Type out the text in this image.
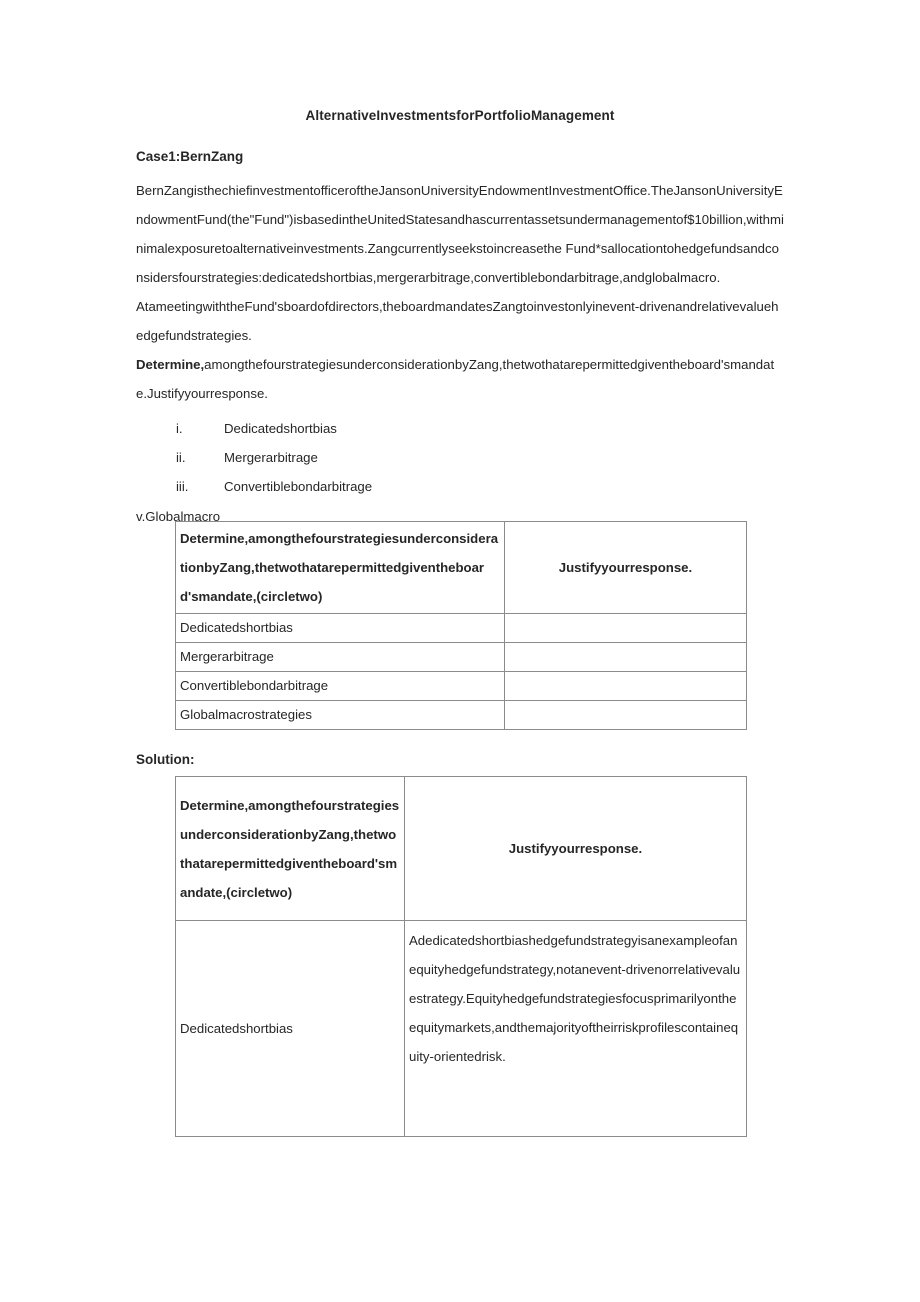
AlternativeInvestmentsforPortfolioManagement
Case1:BernZang
BernZangisthechiefinvestmentofficeroftheJansonUniversityEndowmentInvestmentOffice.TheJansonUniversityEndowmentFund(the"Fund")isbasedintheUnitedStatesandhascurrentassetsundermanagementof$10billion,withminimalexposuretoalternativeinvestments.Zangcurrentlyseekstoincreasethe Fund*sallocationtohedgefundsandconsidersfourstrategies:dedicatedshortbias,mergerarbitrage,convertiblebondarbitrage,andglobalmacro.
AtameetingwiththeFund'sboardofdirectors,theboardmandatesZangtoinvestonlyinevent-drivenandrelativevaluehedgefundstrategies.
Determine,amongthefourstrategiesunderconsiderationbyZang,thetwothatarepermittedgiventheboard'smandate.Justifyyourresponse.
i.	Dedicatedshortbias
ii.	Mergerarbitrage
iii.	Convertiblebondarbitrage
v.Globalmacro
Determine,amongthefourstrategiesunderconsiderationbyZang,thetwothatarepermittedgiventheboard'smandate,(circletwo)	Justifyyourresponse.
Dedicatedshortbias	
Mergerarbitrage	
Convertiblebondarbitrage	
Globalmacrostrategies	
Solution:
Determine,amongthefourstrategiesunderconsiderationbyZang,thetwothatarepermittedgiventheboard'smandate,(circletwo)	Justifyyourresponse.
Dedicatedshortbias	Adedicatedshortbiashedgefundstrategyisanexampleofanequityhedgefundstrategy,notanevent-drivenorrelativevaluestrategy.Equityhedgefundstrategiesfocusprimarilyontheequitymarkets,andthemajorityoftheirriskprofilescontainequity-orientedrisk.
